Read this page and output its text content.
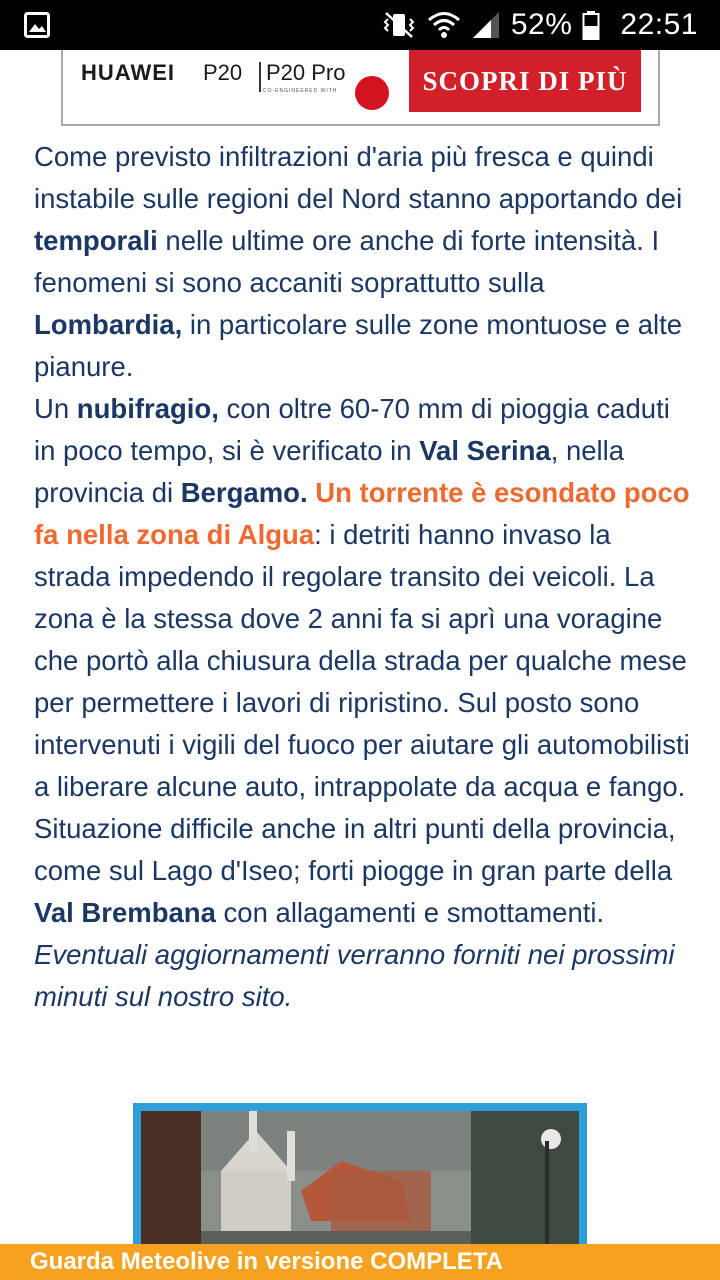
52% 22:51
HUAWEI P20 P20 Pro
CO-ENGINEERED WITH	SCOPRI DI PIÙ

Come previsto infiltrazioni d'aria più fresca e quindi instabile sulle regioni del Nord stanno apportando dei temporali nelle ultime ore anche di forte intensità. I fenomeni si sono accaniti soprattutto sulla Lombardia, in particolare sulle zone montuose e alte pianure.

Un nubifragio, con oltre 60-70 mm di pioggia caduti in poco tempo, si è verificato in Val Serina, nella provincia di Bergamo. Un torrente è esondato poco fa nella zona di Algua: i detriti hanno invaso la strada impedendo il regolare transito dei veicoli. La zona è la stessa dove 2 anni fa si aprì una voragine che portò alla chiusura della strada per qualche mese per permettere i lavori di ripristino. Sul posto sono intervenuti i vigili del fuoco per aiutare gli automobilisti a liberare alcune auto, intrappolate da acqua e fango.

Situazione difficile anche in altri punti della provincia, come sul Lago d'Iseo; forti piogge in gran parte della Val Brembana con allagamenti e smottamenti.

Eventuali aggiornamenti verranno forniti nei prossimi minuti sul nostro sito.
Guarda Meteolive in versione COMPLETA
